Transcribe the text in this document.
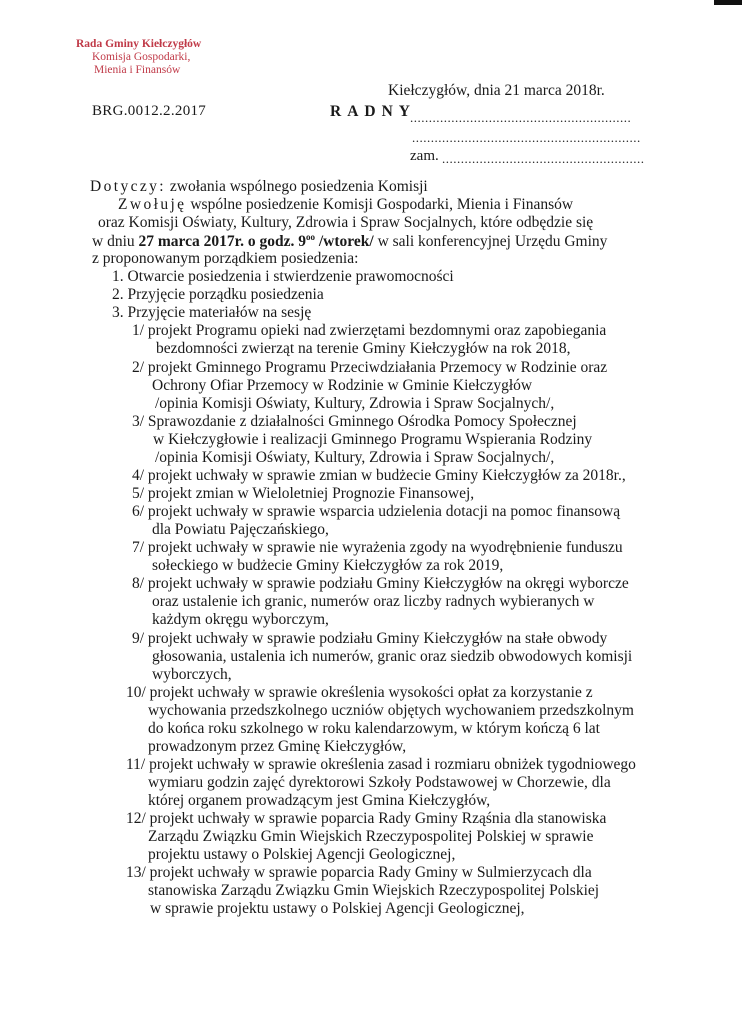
Rada Gminy Kiełczygłów
Komisja Gospodarki,
Mienia i Finansów
Kiełczygłów, dnia 21 marca 2018r.
BRG.0012.2.2017	RADNY
...........................................................
.............................................................
zam. ......................................................
Dotyczy: zwołania wspólnego posiedzenia Komisji
Zwołuję wspólne posiedzenie Komisji Gospodarki, Mienia i Finansów
oraz Komisji Oświaty, Kultury, Zdrowia i Spraw Socjalnych, które odbędzie się
w dniu 27 marca 2017r. o godz. $9^{oo}$ /wtorek/ w sali konferencyjnej Urzędu Gminy
z proponowanym porządkiem posiedzenia:
1. Otwarcie posiedzenia i stwierdzenie prawomocności
2. Przyjęcie porządku posiedzenia
3. Przyjęcie materiałów na sesję
1/ projekt Programu opieki nad zwierzętami bezdomnymi oraz zapobiegania
bezdomności zwierząt na terenie Gminy Kiełczygłów na rok 2018,
2/ projekt Gminnego Programu Przeciwdziałania Przemocy w Rodzinie oraz
Ochrony Ofiar Przemocy w Rodzinie w Gminie Kiełczygłów
/opinia Komisji Oświaty, Kultury, Zdrowia i Spraw Socjalnych/,
3/ Sprawozdanie z działalności Gminnego Ośrodka Pomocy Społecznej
w Kiełczygłowie i realizacji Gminnego Programu Wspierania Rodziny
/opinia Komisji Oświaty, Kultury, Zdrowia i Spraw Socjalnych/,
4/ projekt uchwały w sprawie zmian w budżecie Gminy Kiełczygłów za 2018r.,
5/ projekt zmian w Wieloletniej Prognozie Finansowej,
6/ projekt uchwały w sprawie wsparcia udzielenia dotacji na pomoc finansową
dla Powiatu Pajęczańskiego,
7/ projekt uchwały w sprawie nie wyrażenia zgody na wyodrębnienie funduszu
sołeckiego w budżecie Gminy Kiełczygłów za rok 2019,
8/ projekt uchwały w sprawie podziału Gminy Kiełczygłów na okręgi wyborcze
oraz ustalenie ich granic, numerów oraz liczby radnych wybieranych w
każdym okręgu wyborczym,
9/ projekt uchwały w sprawie podziału Gminy Kiełczygłów na stałe obwody
głosowania, ustalenia ich numerów, granic oraz siedzib obwodowych komisji
wyborczych,
10/ projekt uchwały w sprawie określenia wysokości opłat za korzystanie z
wychowania przedszkolnego uczniów objętych wychowaniem przedszkolnym
do końca roku szkolnego w roku kalendarzowym, w którym kończą 6 lat
prowadzonym przez Gminę Kiełczygłów,
11/ projekt uchwały w sprawie określenia zasad i rozmiaru obniżek tygodniowego
wymiaru godzin zajęć dyrektorowi Szkoły Podstawowej w Chorzewie, dla
której organem prowadzącym jest Gmina Kiełczygłów,
12/ projekt uchwały w sprawie poparcia Rady Gminy Rząśnia dla stanowiska
Zarządu Związku Gmin Wiejskich Rzeczypospolitej Polskiej w sprawie
projektu ustawy o Polskiej Agencji Geologicznej,
13/ projekt uchwały w sprawie poparcia Rady Gminy w Sulmierzycach dla
stanowiska Zarządu Związku Gmin Wiejskich Rzeczypospolitej Polskiej
w sprawie projektu ustawy o Polskiej Agencji Geologicznej,
